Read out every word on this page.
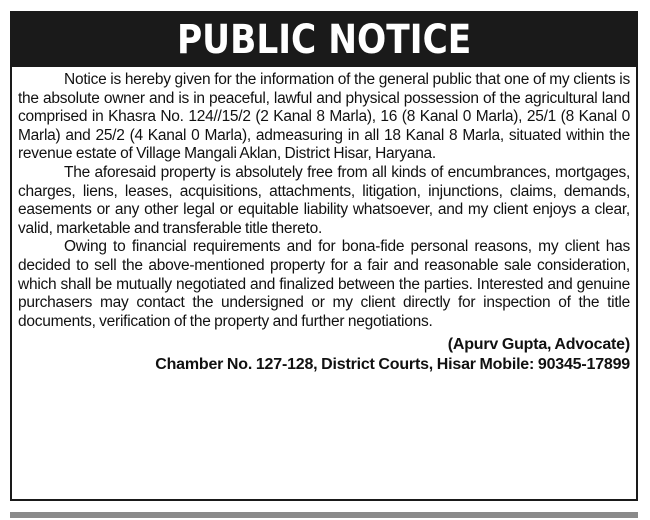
PUBLIC NOTICE

Notice is hereby given for the information of the general public that one of my clients is the absolute owner and is in peaceful, lawful and physical possession of the agricultural land comprised in Khasra No. 124//15/2 (2 Kanal 8 Marla), 16 (8 Kanal 0 Marla), 25/1 (8 Kanal 0 Marla) and 25/2 (4 Kanal 0 Marla), admeasuring in all 18 Kanal 8 Marla, situated within the revenue estate of Village Mangali Aklan, District Hisar, Haryana.

The aforesaid property is absolutely free from all kinds of encumbrances, mortgages, charges, liens, leases, acquisitions, attachments, litigation, injunctions, claims, demands, easements or any other legal or equitable liability whatsoever, and my client enjoys a clear, valid, marketable and transferable title thereto.

Owing to financial requirements and for bona-fide personal reasons, my client has decided to sell the above-mentioned property for a fair and reasonable sale consideration, which shall be mutually negotiated and finalized between the parties. Interested and genuine purchasers may contact the undersigned or my client directly for inspection of the title documents, verification of the property and further negotiations.

(Apurv Gupta, Advocate)

Chamber No. 127-128, District Courts, Hisar Mobile: 90345-17899
